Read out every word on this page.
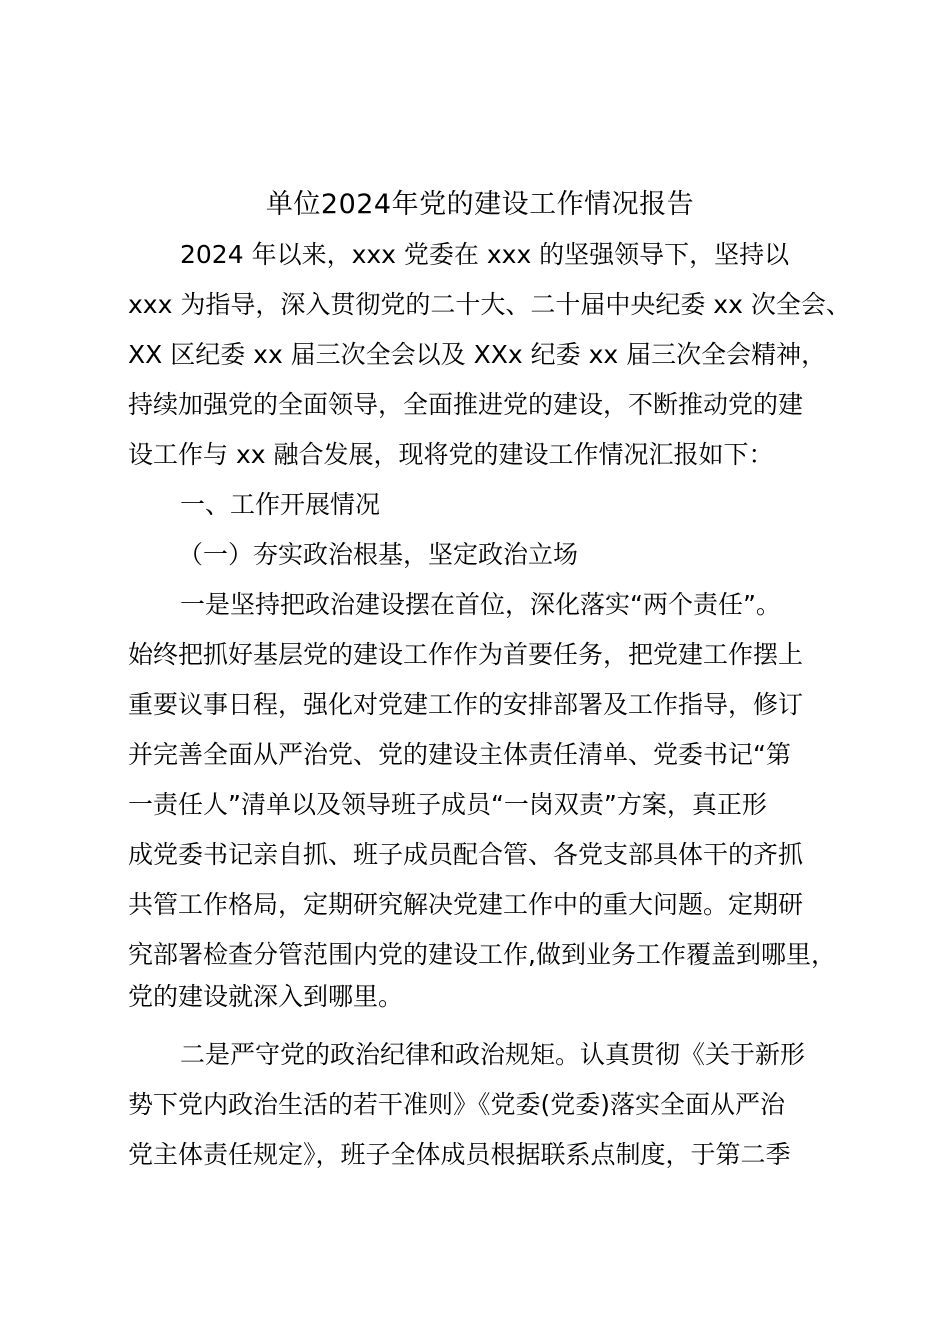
单位2024年党的建设工作情况报告
2024 年以来，xxx 党委在 xxx 的坚强领导下，坚持以
xxx 为指导，深入贯彻党的二十大、二十届中央纪委 xx 次全会、
XX 区纪委 xx 届三次全会以及 XXx 纪委 xx 届三次全会精神，
持续加强党的全面领导，全面推进党的建设，不断推动党的建
设工作与 xx 融合发展，现将党的建设工作情况汇报如下：
一、工作开展情况
（一）夯实政治根基，坚定政治立场
一是坚持把政治建设摆在首位，深化落实“两个责任”。
始终把抓好基层党的建设工作作为首要任务，把党建工作摆上
重要议事日程，强化对党建工作的安排部署及工作指导，修订
并完善全面从严治党、党的建设主体责任清单、党委书记“第
一责任人”清单以及领导班子成员“一岗双责”方案，真正形
成党委书记亲自抓、班子成员配合管、各党支部具体干的齐抓
共管工作格局，定期研究解决党建工作中的重大问题。定期研
究部署检查分管范围内党的建设工作,做到业务工作覆盖到哪里，
党的建设就深入到哪里。
二是严守党的政治纪律和政治规矩。认真贯彻《关于新形
势下党内政治生活的若干准则》《党委(党委)落实全面从严治
党主体责任规定》，班子全体成员根据联系点制度，于第二季
